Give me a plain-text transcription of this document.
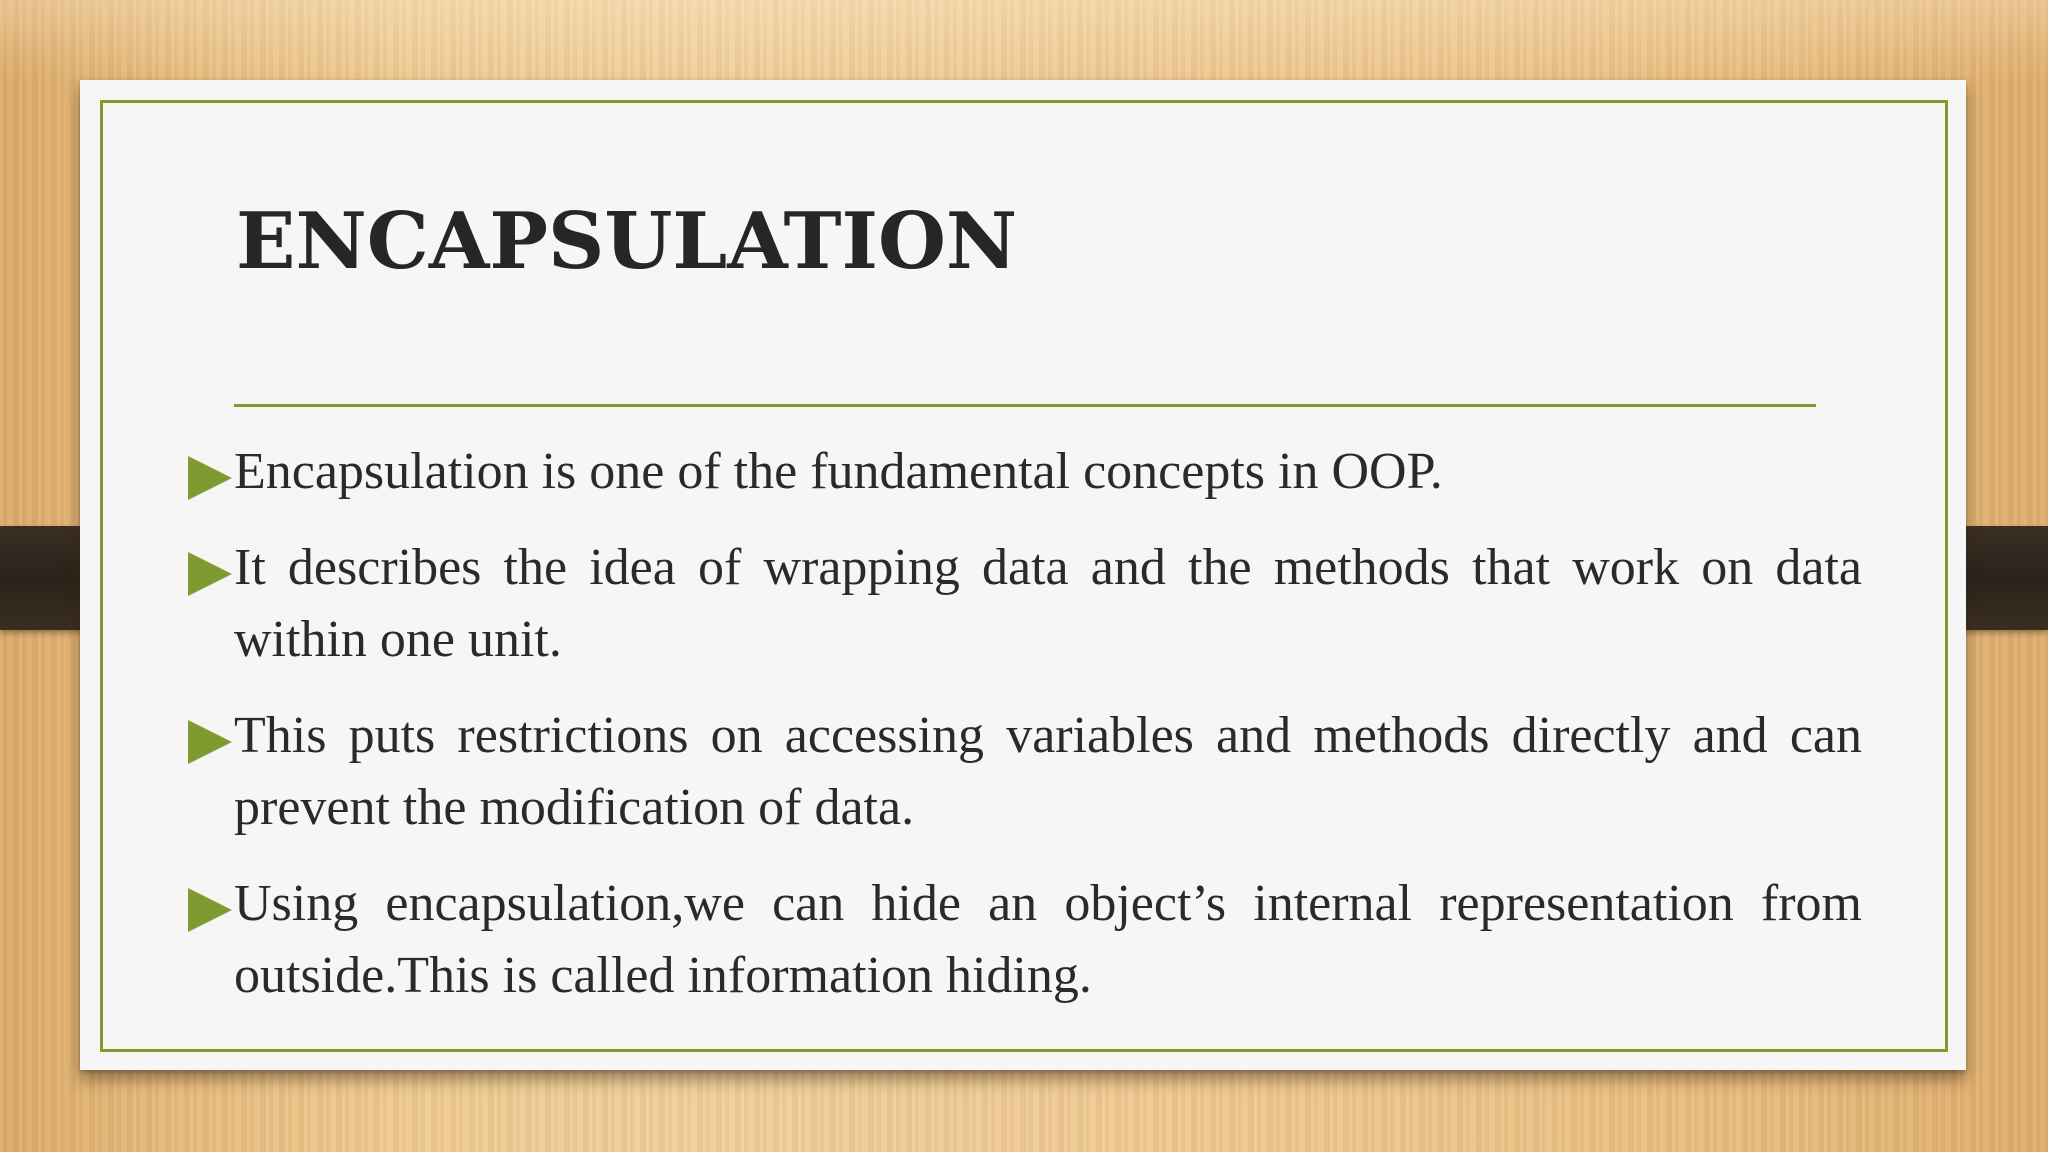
ENCAPSULATION
Encapsulation is one of the fundamental concepts in OOP.
It describes the idea of wrapping data and the methods that work on data within one unit.
This puts restrictions on accessing variables and methods directly and can prevent the modification of data.
Using encapsulation,we can hide an object’s internal representation from outside.This is called information hiding.
